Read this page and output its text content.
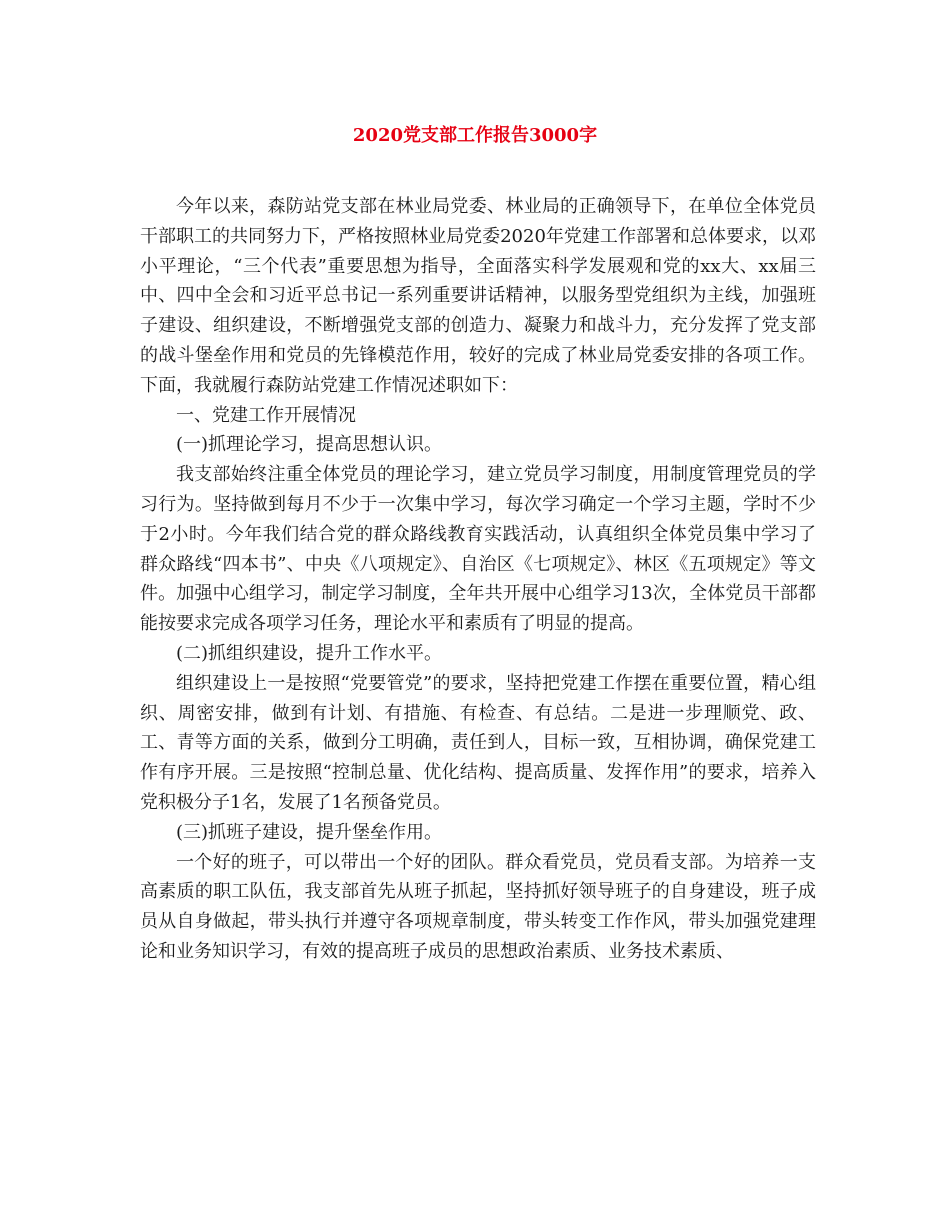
2020党支部工作报告3000字

今年以来，森防站党支部在林业局党委、林业局的正确领导下，在单位全体党员干部职工的共同努力下，严格按照林业局党委2020年党建工作部署和总体要求，以邓小平理论，“三个代表”重要思想为指导，全面落实科学发展观和党的xx大、xx届三中、四中全会和习近平总书记一系列重要讲话精神，以服务型党组织为主线，加强班子建设、组织建设，不断增强党支部的创造力、凝聚力和战斗力，充分发挥了党支部的战斗堡垒作用和党员的先锋模范作用，较好的完成了林业局党委安排的各项工作。下面，我就履行森防站党建工作情况述职如下：

一、党建工作开展情况

(一)抓理论学习，提高思想认识。

我支部始终注重全体党员的理论学习，建立党员学习制度，用制度管理党员的学习行为。坚持做到每月不少于一次集中学习，每次学习确定一个学习主题，学时不少于2小时。今年我们结合党的群众路线教育实践活动，认真组织全体党员集中学习了群众路线“四本书”、中央《八项规定》、自治区《七项规定》、林区《五项规定》等文件。加强中心组学习，制定学习制度，全年共开展中心组学习13次，全体党员干部都能按要求完成各项学习任务，理论水平和素质有了明显的提高。

(二)抓组织建设，提升工作水平。

组织建设上一是按照“党要管党”的要求，坚持把党建工作摆在重要位置，精心组织、周密安排，做到有计划、有措施、有检查、有总结。二是进一步理顺党、政、工、青等方面的关系，做到分工明确，责任到人，目标一致，互相协调，确保党建工作有序开展。三是按照“控制总量、优化结构、提高质量、发挥作用”的要求，培养入党积极分子1名，发展了1名预备党员。

(三)抓班子建设，提升堡垒作用。

一个好的班子，可以带出一个好的团队。群众看党员，党员看支部。为培养一支高素质的职工队伍，我支部首先从班子抓起，坚持抓好领导班子的自身建设，班子成员从自身做起，带头执行并遵守各项规章制度，带头转变工作作风，带头加强党建理论和业务知识学习，有效的提高班子成员的思想政治素质、业务技术素质、
